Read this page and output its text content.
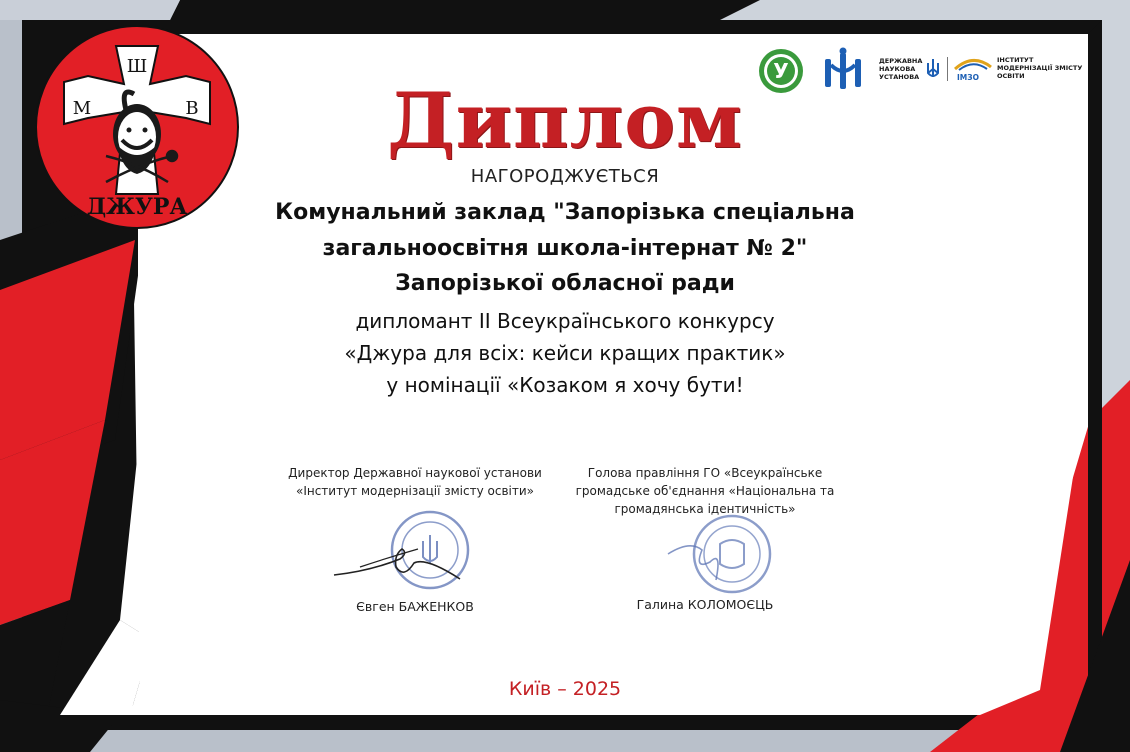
Ш
М	В
ДЖУРА
У	ДЕРЖАВНА
НАУКОВА
УСТАНОВА	ІМЗО
ІНСТИТУТ
МОДЕРНІЗАЦІЇ ЗМІСТУ
ОСВІТИ
Диплом
НАГОРОДЖУЄТЬСЯ
Комунальний заклад "Запорізька спеціальна
загальноосвітня школа-інтернат № 2"
Запорізької обласної ради
дипломант ІІ Всеукраїнського конкурсу
«Джура для всіх: кейси кращих практик»
у номінації «Козаком я хочу бути!
Директор Державної наукової установи
«Інститут модернізації змісту освіти»
Євген БАЖЕНКОВ
Голова правління ГО «Всеукраїнське
громадське об'єднання «Національна та
громадянська ідентичність»
Галина КОЛОМОЄЦЬ
Київ – 2025
